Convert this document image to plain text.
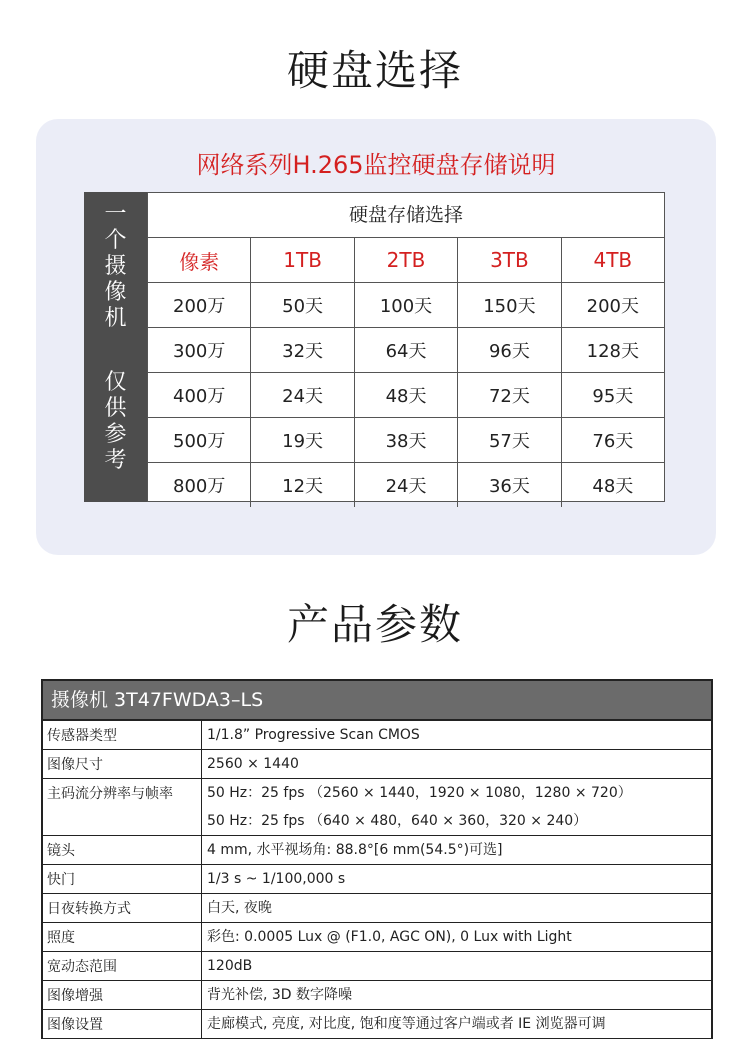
硬盘选择
网络系列H.265监控硬盘存储说明
一
个
摄
像
机
仅
供
参
考
硬盘存储选择
像素	1TB	2TB	3TB	4TB
200万	50天	100天	150天	200天
300万	32天	64天	96天	128天
400万	24天	48天	72天	95天
500万	19天	38天	57天	76天
800万	12天	24天	36天	48天
产品参数
摄像机 3T47FWDA3–LS
传感器类型	1/1.8” Progressive Scan CMOS
图像尺寸	2560 × 1440
主码流分辨率与帧率	50 Hz：25 fps （2560 × 1440，1920 × 1080，1280 × 720）
50 Hz：25 fps （640 × 480，640 × 360，320 × 240）
镜头	4 mm, 水平视场角: 88.8°[6 mm(54.5°)可选]
快门	1/3 s ~ 1/100,000 s
日夜转换方式	白天, 夜晚
照度	彩色: 0.0005 Lux @ (F1.0, AGC ON), 0 Lux with Light
宽动态范围	120dB
图像增强	背光补偿, 3D 数字降噪
图像设置	走廊模式, 亮度, 对比度, 饱和度等通过客户端或者 IE 浏览器可调
